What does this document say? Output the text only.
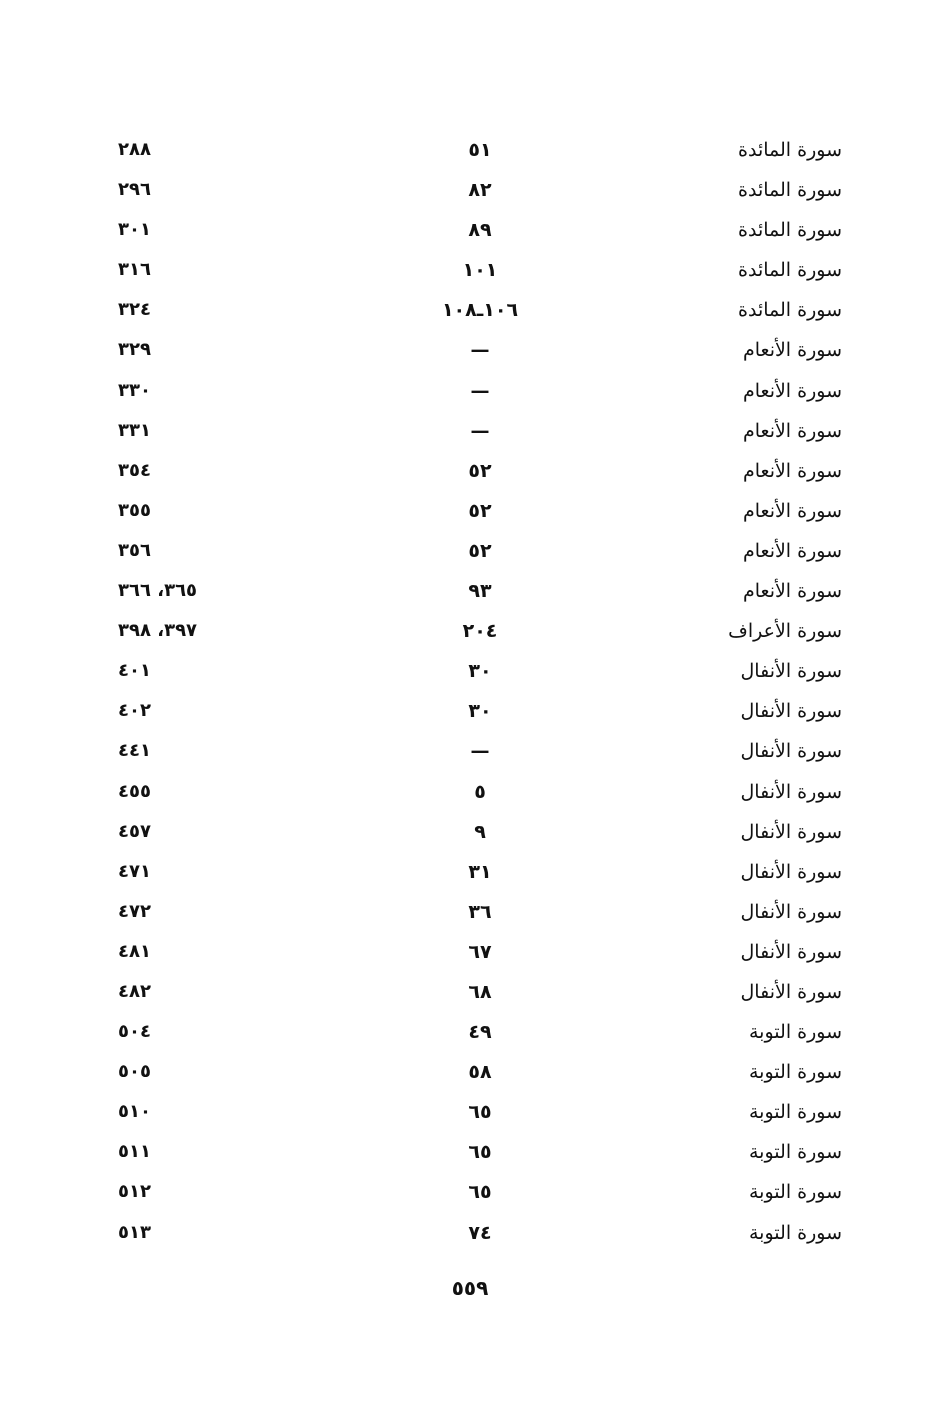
سورة المائدة
٥١
٢٨٨
سورة المائدة
٨٢
٢٩٦
سورة المائدة
٨٩
٣٠١
سورة المائدة
١٠١
٣١٦
سورة المائدة
١٠٦ـ١٠٨
٣٢٤
سورة الأنعام
—
٣٢٩
سورة الأنعام
—
٣٣٠
سورة الأنعام
—
٣٣١
سورة الأنعام
٥٢
٣٥٤
سورة الأنعام
٥٢
٣٥٥
سورة الأنعام
٥٢
٣٥٦
سورة الأنعام
٩٣
٣٦٥، ٣٦٦
سورة الأعراف
٢٠٤
٣٩٧، ٣٩٨
سورة الأنفال
٣٠
٤٠١
سورة الأنفال
٣٠
٤٠٢
سورة الأنفال
—
٤٤١
سورة الأنفال
٥
٤٥٥
سورة الأنفال
٩
٤٥٧
سورة الأنفال
٣١
٤٧١
سورة الأنفال
٣٦
٤٧٢
سورة الأنفال
٦٧
٤٨١
سورة الأنفال
٦٨
٤٨٢
سورة التوبة
٤٩
٥٠٤
سورة التوبة
٥٨
٥٠٥
سورة التوبة
٦٥
٥١٠
سورة التوبة
٦٥
٥١١
سورة التوبة
٦٥
٥١٢
سورة التوبة
٧٤
٥١٣
٥٥٩
